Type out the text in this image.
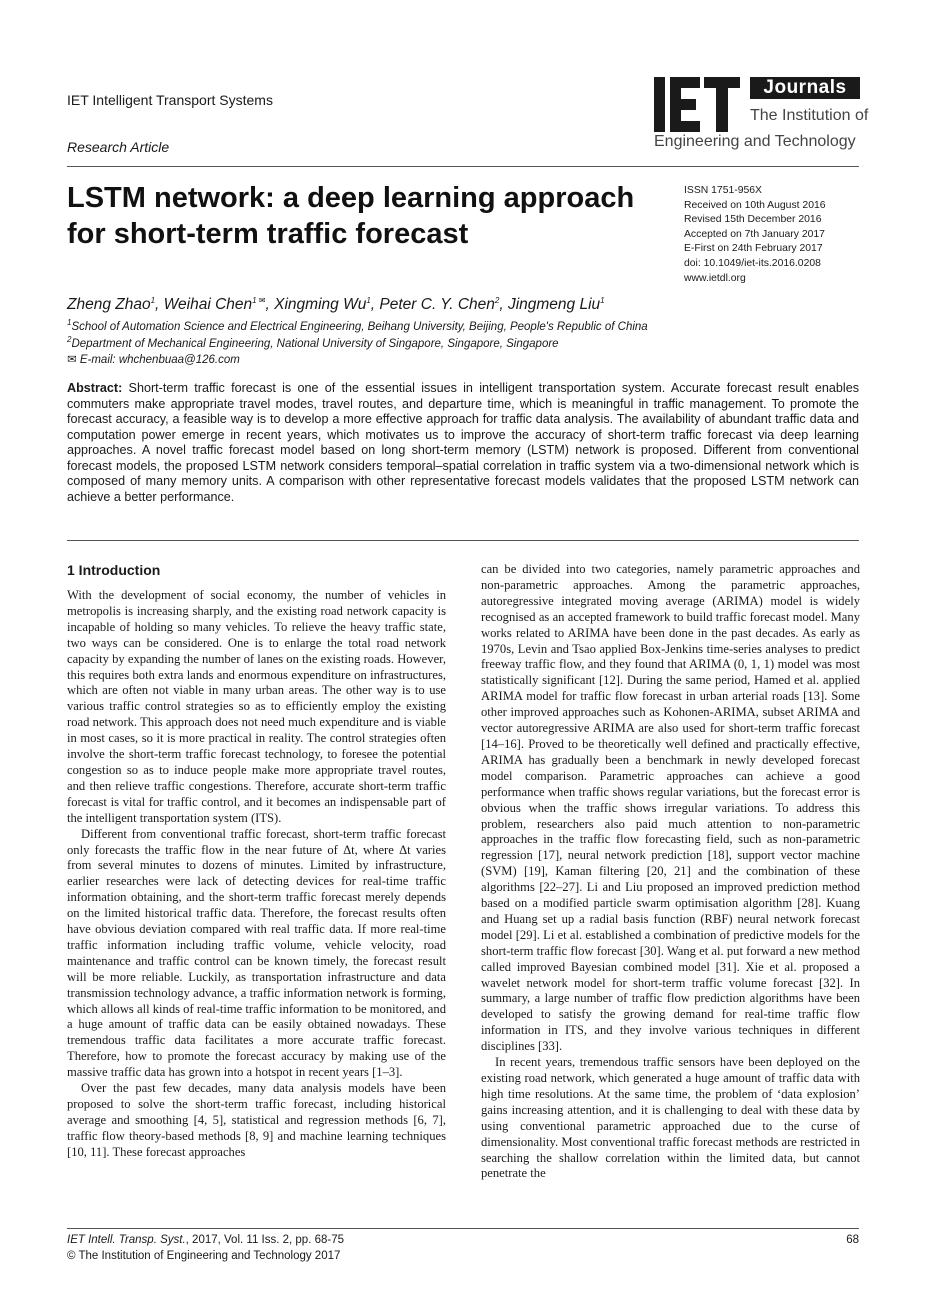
IET Intelligent Transport Systems
Research Article
Journals
The Institution of
Engineering and Technology
LSTM network: a deep learning approach for short-term traffic forecast
ISSN 1751-956X
Received on 10th August 2016
Revised 15th December 2016
Accepted on 7th January 2017
E-First on 24th February 2017
doi: 10.1049/iet-its.2016.0208
www.ietdl.org
Zheng Zhao$^1$, Weihai Chen$^{1 ✉}$, Xingming Wu$^1$, Peter C. Y. Chen$^2$, Jingmeng Liu$^1$
$^1$School of Automation Science and Electrical Engineering, Beihang University, Beijing, People's Republic of China
$^2$Department of Mechanical Engineering, National University of Singapore, Singapore, Singapore
✉ E-mail: whchenbuaa@126.com

Abstract: Short-term traffic forecast is one of the essential issues in intelligent transportation system. Accurate forecast result enables commuters make appropriate travel modes, travel routes, and departure time, which is meaningful in traffic management. To promote the forecast accuracy, a feasible way is to develop a more effective approach for traffic data analysis. The availability of abundant traffic data and computation power emerge in recent years, which motivates us to improve the accuracy of short-term traffic forecast via deep learning approaches. A novel traffic forecast model based on long short-term memory (LSTM) network is proposed. Different from conventional forecast models, the proposed LSTM network considers temporal–spatial correlation in traffic system via a two-dimensional network which is composed of many memory units. A comparison with other representative forecast models validates that the proposed LSTM network can achieve a better performance.

1 Introduction

With the development of social economy, the number of vehicles in metropolis is increasing sharply, and the existing road network capacity is incapable of holding so many vehicles. To relieve the heavy traffic state, two ways can be considered. One is to enlarge the total road network capacity by expanding the number of lanes on the existing roads. However, this requires both extra lands and enormous expenditure on infrastructures, which are often not viable in many urban areas. The other way is to use various traffic control strategies so as to efficiently employ the existing road network. This approach does not need much expenditure and is viable in most cases, so it is more practical in reality. The control strategies often involve the short-term traffic forecast technology, to foresee the potential congestion so as to induce people make more appropriate travel routes, and then relieve traffic congestions. Therefore, accurate short-term traffic forecast is vital for traffic control, and it becomes an indispensable part of the intelligent transportation system (ITS).

Different from conventional traffic forecast, short-term traffic forecast only forecasts the traffic flow in the near future of Δt, where Δt varies from several minutes to dozens of minutes. Limited by infrastructure, earlier researches were lack of detecting devices for real-time traffic information obtaining, and the short-term traffic forecast merely depends on the limited historical traffic data. Therefore, the forecast results often have obvious deviation compared with real traffic data. If more real-time traffic information including traffic volume, vehicle velocity, road maintenance and traffic control can be known timely, the forecast result will be more reliable. Luckily, as transportation infrastructure and data transmission technology advance, a traffic information network is forming, which allows all kinds of real-time traffic information to be monitored, and a huge amount of traffic data can be easily obtained nowadays. These tremendous traffic data facilitates a more accurate traffic forecast. Therefore, how to promote the forecast accuracy by making use of the massive traffic data has grown into a hotspot in recent years [1–3].

Over the past few decades, many data analysis models have been proposed to solve the short-term traffic forecast, including historical average and smoothing [4, 5], statistical and regression methods [6, 7], traffic flow theory-based methods [8, 9] and machine learning techniques [10, 11]. These forecast approaches

can be divided into two categories, namely parametric approaches and non-parametric approaches. Among the parametric approaches, autoregressive integrated moving average (ARIMA) model is widely recognised as an accepted framework to build traffic forecast model. Many works related to ARIMA have been done in the past decades. As early as 1970s, Levin and Tsao applied Box-Jenkins time-series analyses to predict freeway traffic flow, and they found that ARIMA (0, 1, 1) model was most statistically significant [12]. During the same period, Hamed et al. applied ARIMA model for traffic flow forecast in urban arterial roads [13]. Some other improved approaches such as Kohonen-ARIMA, subset ARIMA and vector autoregressive ARIMA are also used for short-term traffic forecast [14–16]. Proved to be theoretically well defined and practically effective, ARIMA has gradually been a benchmark in newly developed forecast model comparison. Parametric approaches can achieve a good performance when traffic shows regular variations, but the forecast error is obvious when the traffic shows irregular variations. To address this problem, researchers also paid much attention to non-parametric approaches in the traffic flow forecasting field, such as non-parametric regression [17], neural network prediction [18], support vector machine (SVM) [19], Kaman filtering [20, 21] and the combination of these algorithms [22–27]. Li and Liu proposed an improved prediction method based on a modified particle swarm optimisation algorithm [28]. Kuang and Huang set up a radial basis function (RBF) neural network forecast model [29]. Li et al. established a combination of predictive models for the short-term traffic flow forecast [30]. Wang et al. put forward a new method called improved Bayesian combined model [31]. Xie et al. proposed a wavelet network model for short-term traffic volume forecast [32]. In summary, a large number of traffic flow prediction algorithms have been developed to satisfy the growing demand for real-time traffic flow information in ITS, and they involve various techniques in different disciplines [33].

In recent years, tremendous traffic sensors have been deployed on the existing road network, which generated a huge amount of traffic data with high time resolutions. At the same time, the problem of ‘data explosion’ gains increasing attention, and it is challenging to deal with these data by using conventional parametric approached due to the curse of dimensionality. Most conventional traffic forecast methods are restricted in searching the shallow correlation within the limited data, but cannot penetrate the

IET Intell. Transp. Syst., 2017, Vol. 11 Iss. 2, pp. 68-75
© The Institution of Engineering and Technology 2017
68
